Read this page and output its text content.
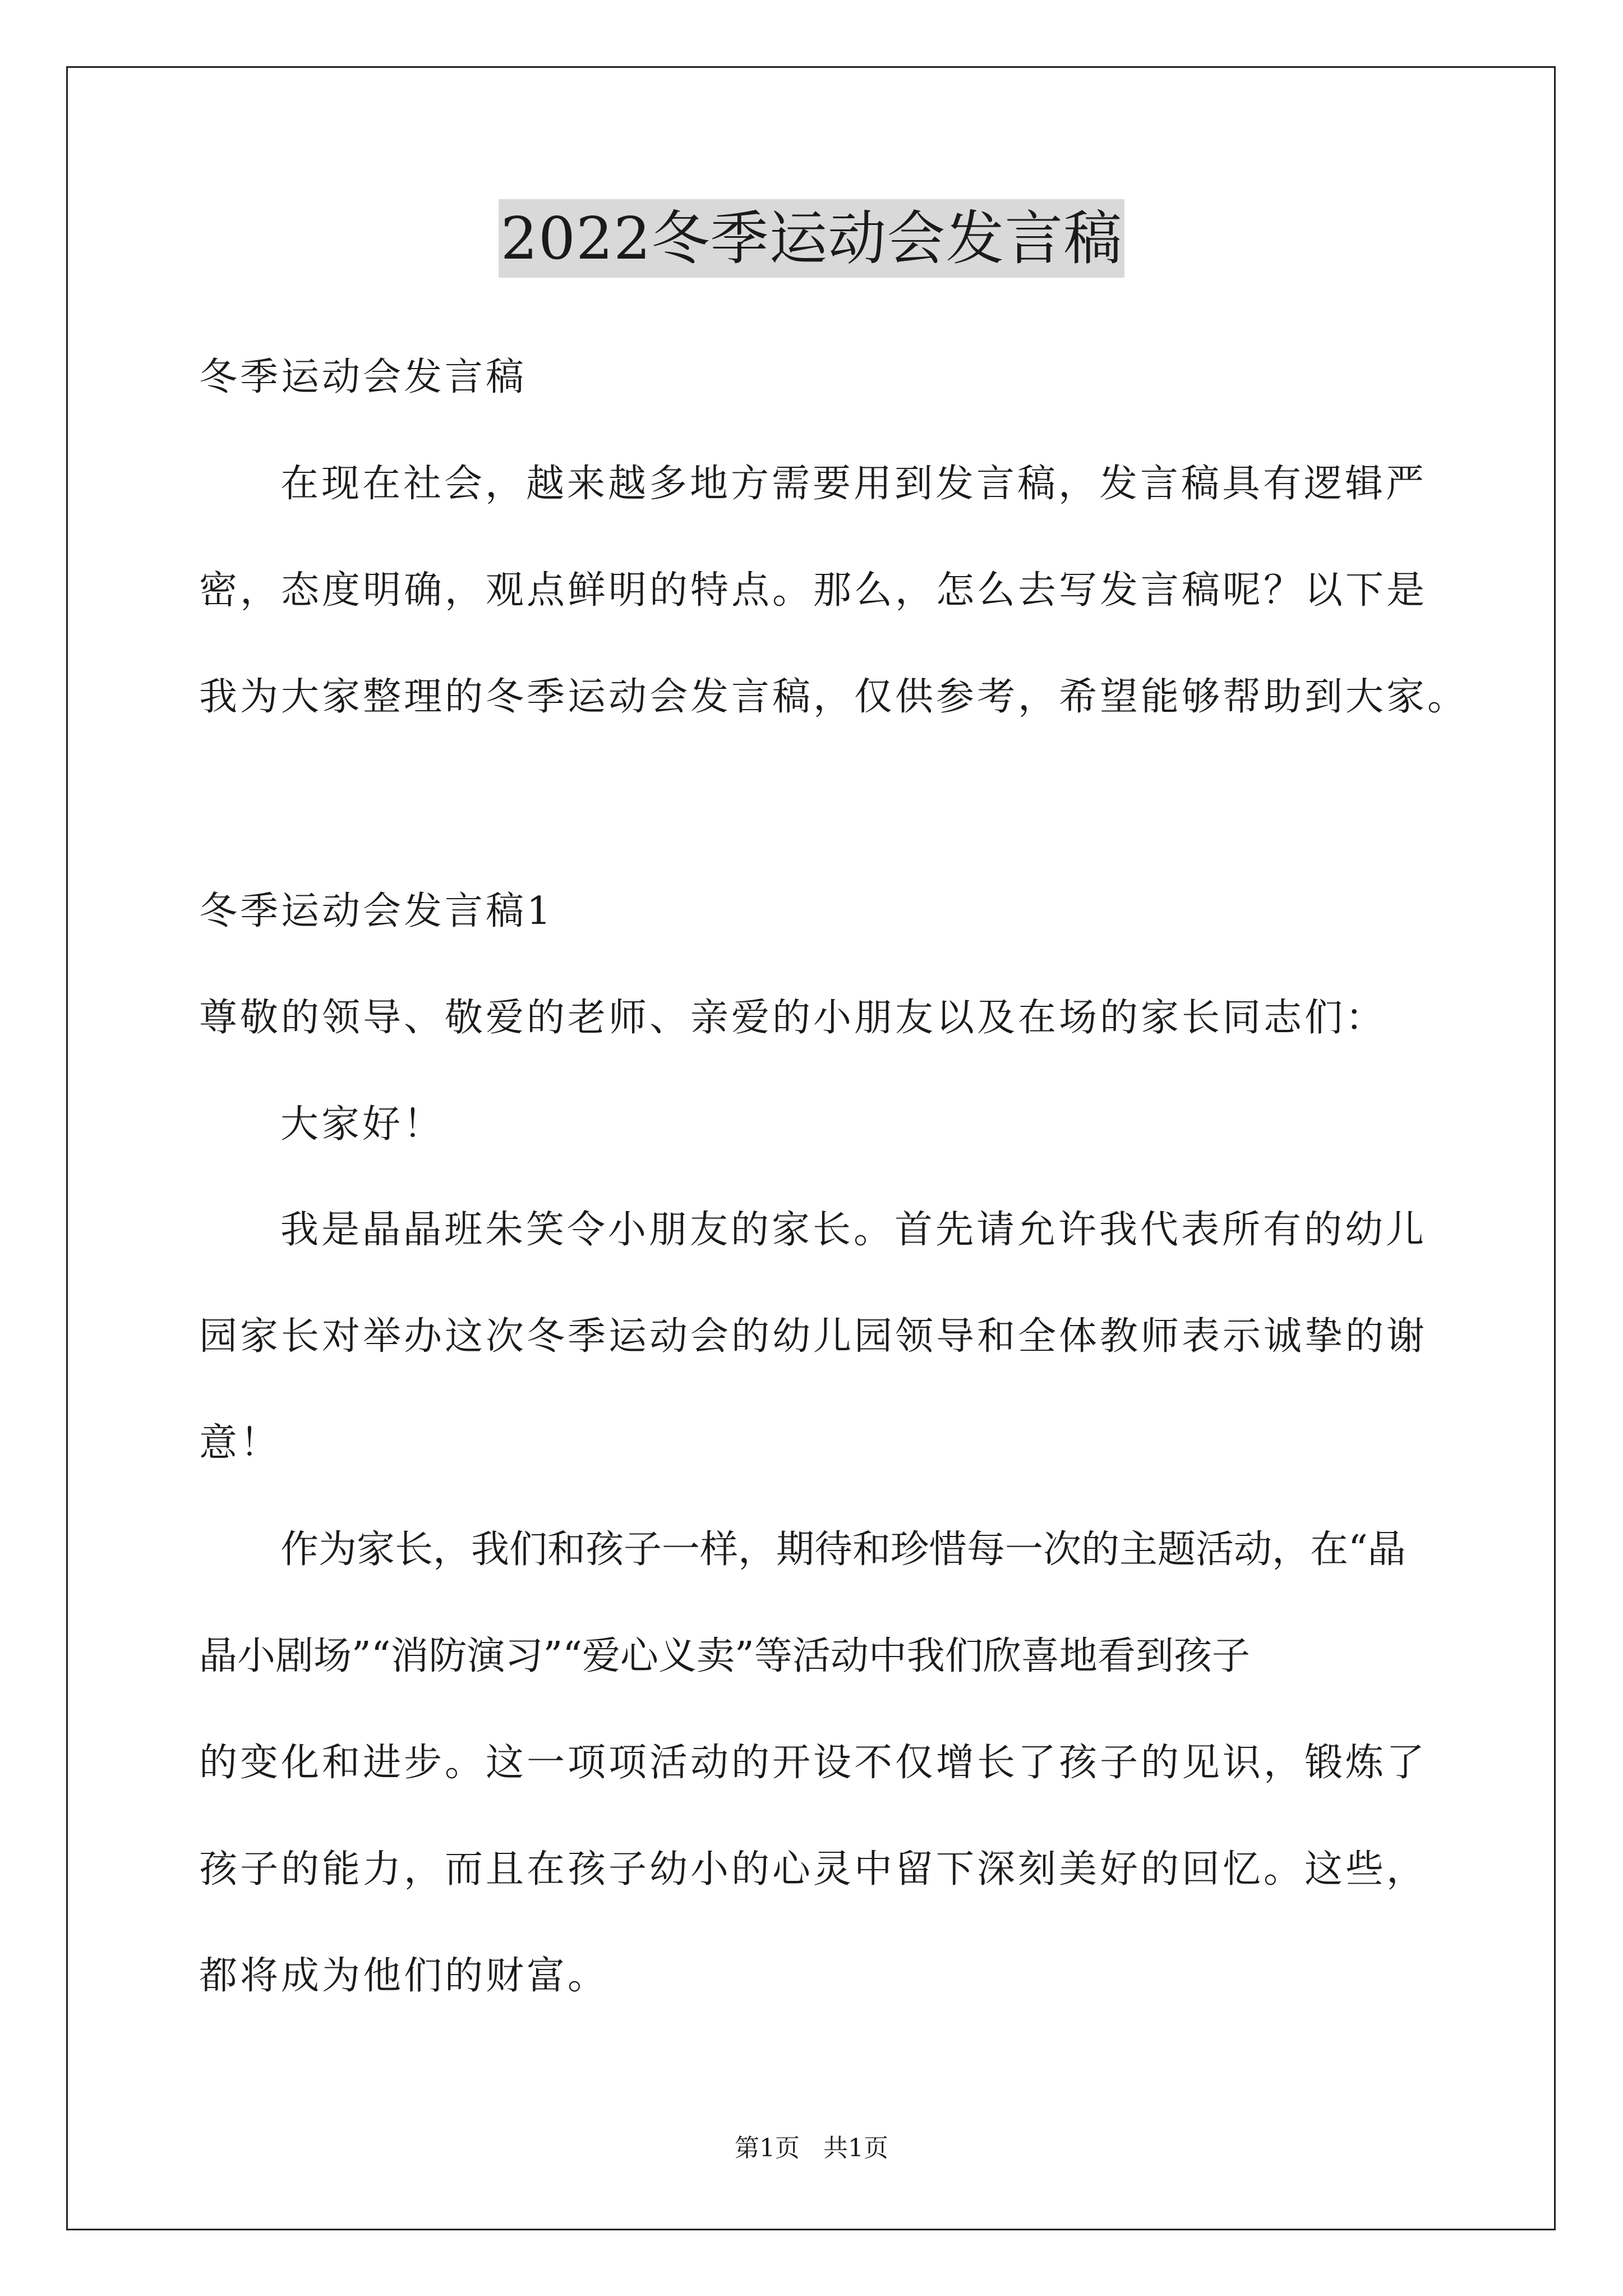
2022冬季运动会发言稿
冬季运动会发言稿
在现在社会，越来越多地方需要用到发言稿，发言稿具有逻辑严
密，态度明确，观点鲜明的特点。那么，怎么去写发言稿呢？以下是
我为大家整理的冬季运动会发言稿，仅供参考，希望能够帮助到大家。
冬季运动会发言稿1
尊敬的领导、敬爱的老师、亲爱的小朋友以及在场的家长同志们：
大家好！
我是晶晶班朱笑令小朋友的家长。首先请允许我代表所有的幼儿
园家长对举办这次冬季运动会的幼儿园领导和全体教师表示诚挚的谢
意！
作为家长，我们和孩子一样，期待和珍惜每一次的主题活动，在“晶
晶小剧场”“消防演习”“爱心义卖”等活动中我们欣喜地看到孩子
的变化和进步。这一项项活动的开设不仅增长了孩子的见识，锻炼了
孩子的能力，而且在孩子幼小的心灵中留下深刻美好的回忆。这些，
都将成为他们的财富。
第1页   共1页
